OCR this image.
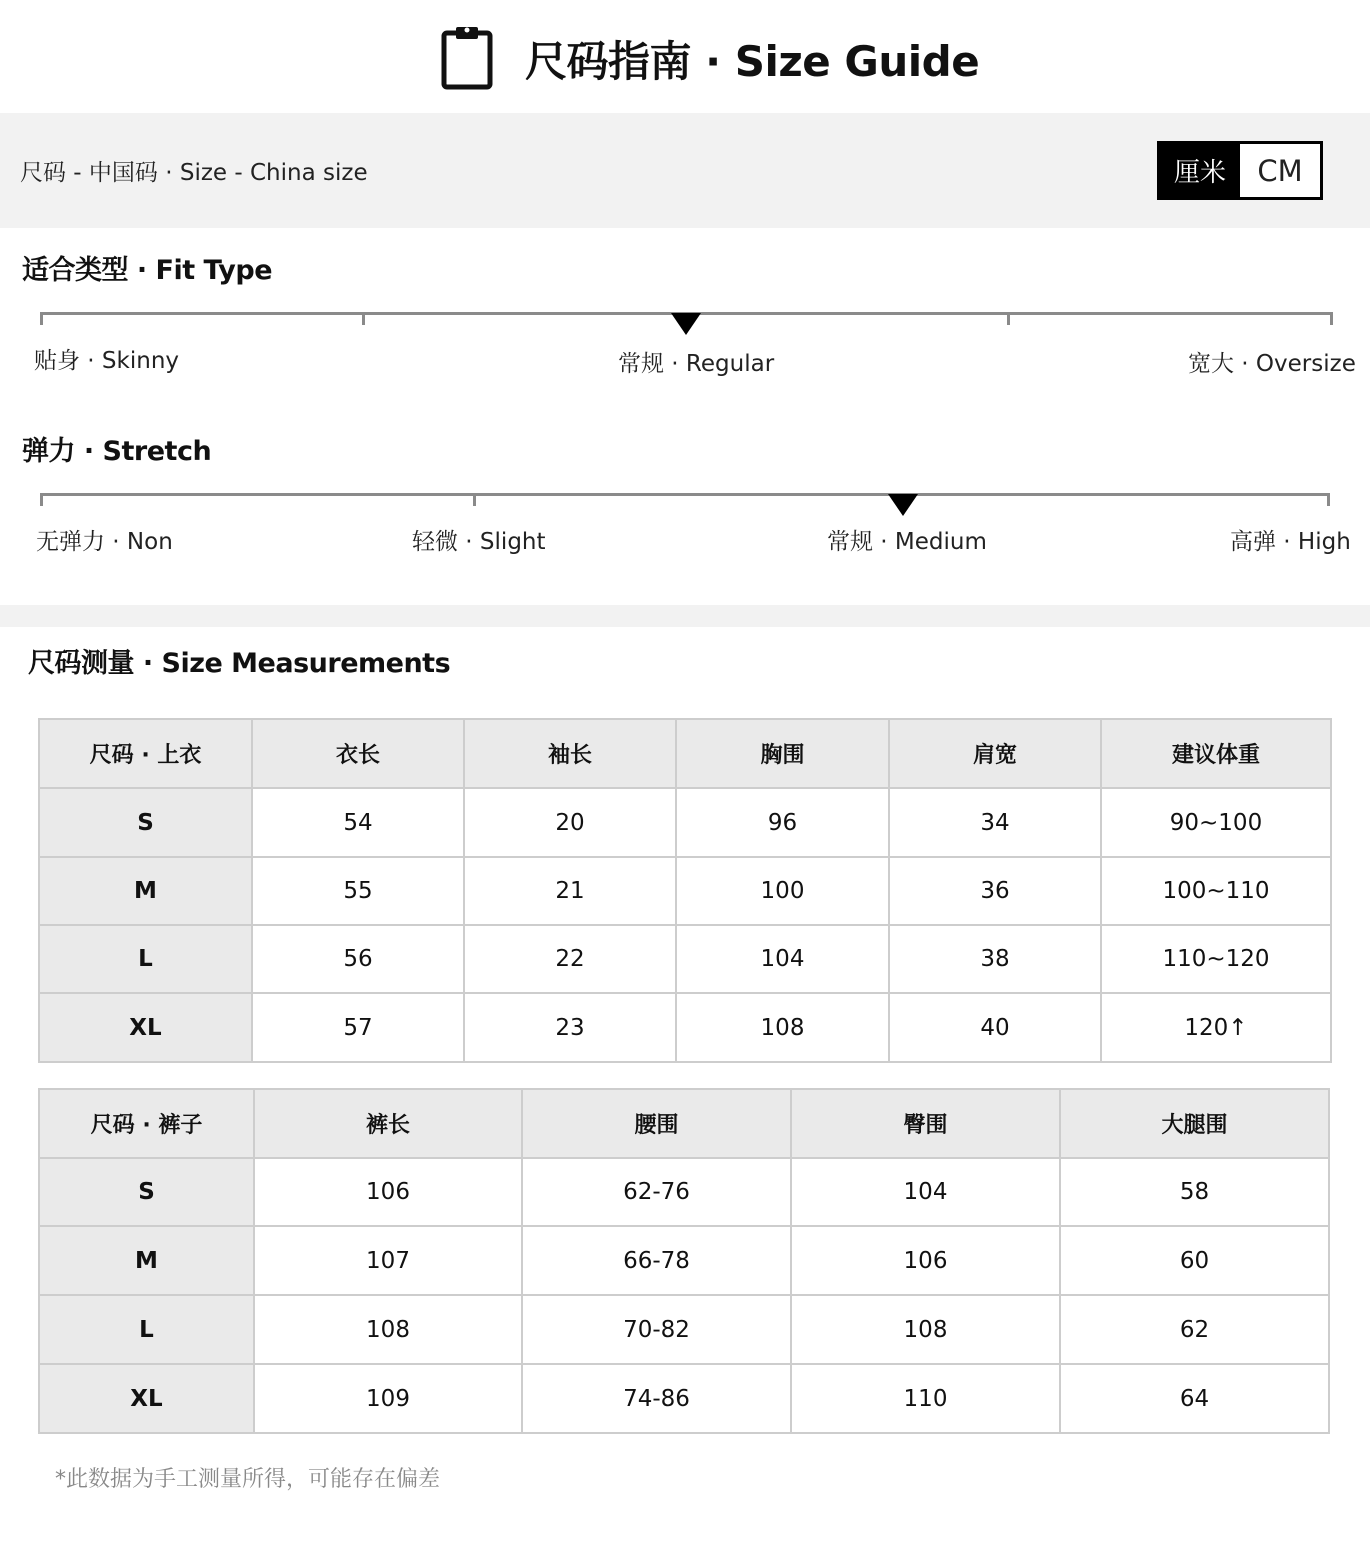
尺码指南 · Size Guide
尺码 - 中国码 · Size - China size	厘米	CM
适合类型 · Fit Type
贴身 · Skinny	常规 · Regular	宽大 · Oversize
弹力 · Stretch
无弹力 · Non	轻微 · Slight	常规 · Medium	高弹 · High
尺码测量 · Size Measurements
尺码 · 上衣	衣长	袖长	胸围	肩宽	建议体重
S	54	20	96	34	90~100
M	55	21	100	36	100~110
L	56	22	104	38	110~120
XL	57	23	108	40	120↑
尺码 · 裤子	裤长	腰围	臀围	大腿围
S	106	62-76	104	58
M	107	66-78	106	60
L	108	70-82	108	62
XL	109	74-86	110	64
*此数据为手工测量所得，可能存在偏差
